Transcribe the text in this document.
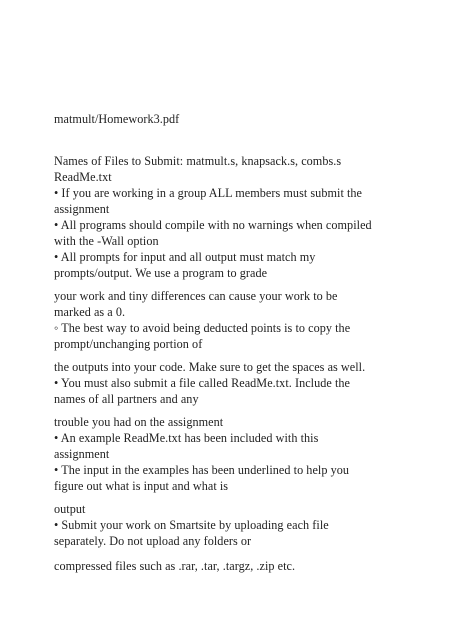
matmult/Homework3.pdf
Names of Files to Submit: matmult.s, knapsack.s, combs.s
ReadMe.txt
• If you are working in a group ALL members must submit the
assignment
• All programs should compile with no warnings when compiled
with the -Wall option
• All prompts for input and all output must match my
prompts/output. We use a program to grade
your work and tiny differences can cause your work to be
marked as a 0.
◦ The best way to avoid being deducted points is to copy the
prompt/unchanging portion of
the outputs into your code. Make sure to get the spaces as well.
• You must also submit a file called ReadMe.txt. Include the
names of all partners and any
trouble you had on the assignment
• An example ReadMe.txt has been included with this
assignment
• The input in the examples has been underlined to help you
figure out what is input and what is
output
• Submit your work on Smartsite by uploading each file
separately. Do not upload any folders or
compressed files such as .rar, .tar, .targz, .zip etc.
